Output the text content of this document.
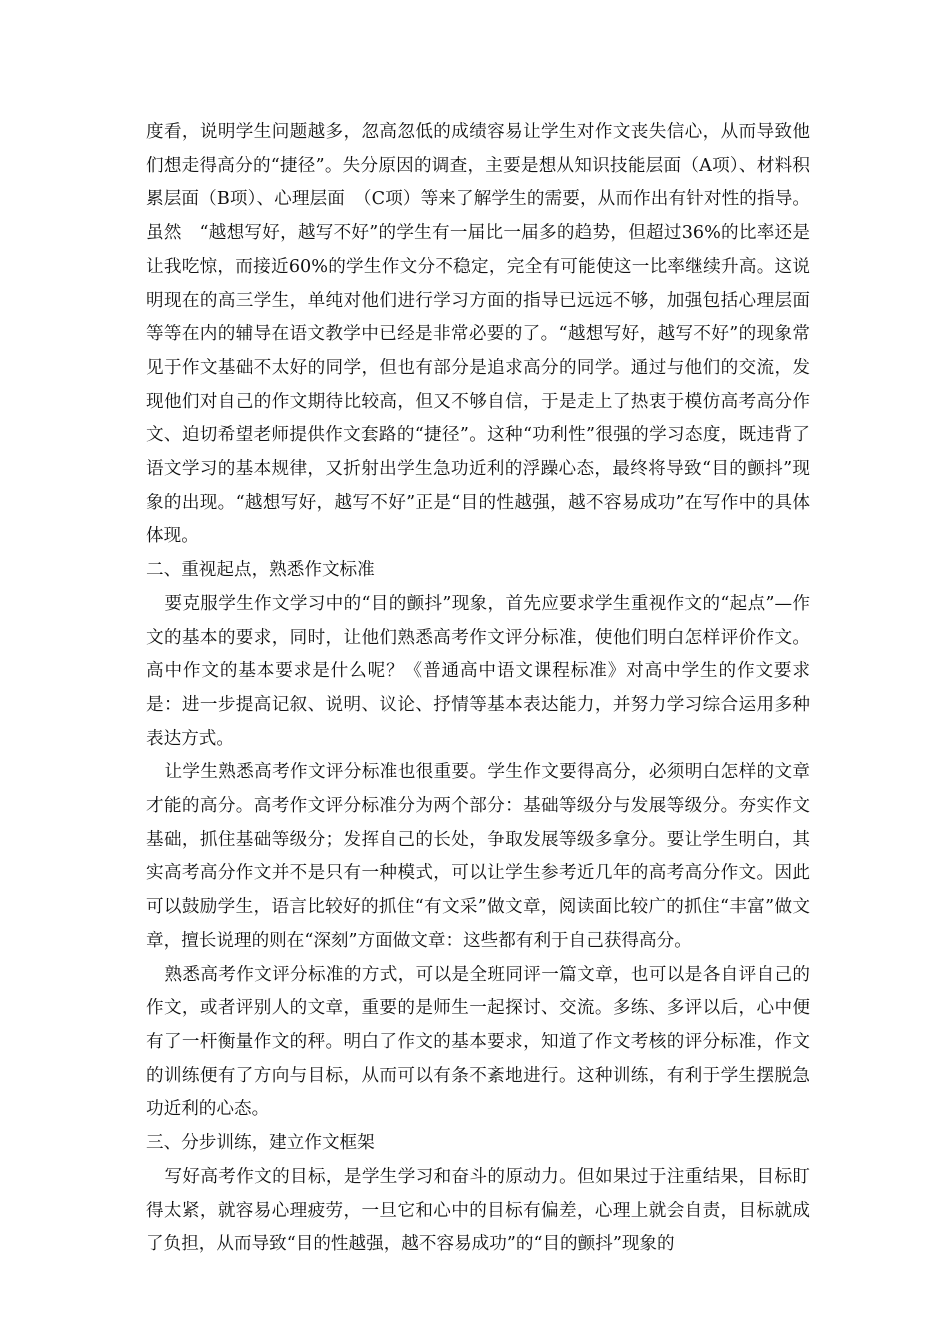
度看，说明学生问题越多，忽高忽低的成绩容易让学生对作文丧失信心，从而导致他们想走得高分的“捷径”。失分原因的调查，主要是想从知识技能层面（A项）、材料积累层面（B项）、心理层面　（C项）等来了解学生的需要，从而作出有针对性的指导。虽然　“越想写好，越写不好”的学生有一届比一届多的趋势，但超过36%的比率还是让我吃惊，而接近60%的学生作文分不稳定，完全有可能使这一比率继续升高。这说明现在的高三学生，单纯对他们进行学习方面的指导已远远不够，加强包括心理层面等等在内的辅导在语文教学中已经是非常必要的了。“越想写好，越写不好”的现象常见于作文基础不太好的同学，但也有部分是追求高分的同学。通过与他们的交流，发现他们对自己的作文期待比较高，但又不够自信，于是走上了热衷于模仿高考高分作文、迫切希望老师提供作文套路的“捷径”。这种“功利性”很强的学习态度，既违背了语文学习的基本规律，又折射出学生急功近利的浮躁心态，最终将导致“目的颤抖”现象的出现。“越想写好，越写不好”正是“目的性越强，越不容易成功”在写作中的具体体现。

二、重视起点，熟悉作文标准

要克服学生作文学习中的“目的颤抖”现象，首先应要求学生重视作文的“起点”—作文的基本的要求，同时，让他们熟悉高考作文评分标准，使他们明白怎样评价作文。高中作文的基本要求是什么呢？《普通高中语文课程标准》对高中学生的作文要求是：进一步提高记叙、说明、议论、抒情等基本表达能力，并努力学习综合运用多种表达方式。

让学生熟悉高考作文评分标准也很重要。学生作文要得高分，必须明白怎样的文章才能的高分。高考作文评分标准分为两个部分：基础等级分与发展等级分。夯实作文基础，抓住基础等级分；发挥自己的长处，争取发展等级多拿分。要让学生明白，其实高考高分作文并不是只有一种模式，可以让学生参考近几年的高考高分作文。因此可以鼓励学生，语言比较好的抓住“有文采”做文章，阅读面比较广的抓住“丰富”做文章，擅长说理的则在“深刻”方面做文章：这些都有利于自己获得高分。

熟悉高考作文评分标准的方式，可以是全班同评一篇文章，也可以是各自评自己的作文，或者评别人的文章，重要的是师生一起探讨、交流。多练、多评以后，心中便有了一杆衡量作文的秤。明白了作文的基本要求，知道了作文考核的评分标准，作文的训练便有了方向与目标，从而可以有条不紊地进行。这种训练，有利于学生摆脱急功近利的心态。

三、分步训练，建立作文框架

写好高考作文的目标，是学生学习和奋斗的原动力。但如果过于注重结果，目标盯得太紧，就容易心理疲劳，一旦它和心中的目标有偏差，心理上就会自责，目标就成了负担，从而导致“目的性越强，越不容易成功”的“目的颤抖”现象的
